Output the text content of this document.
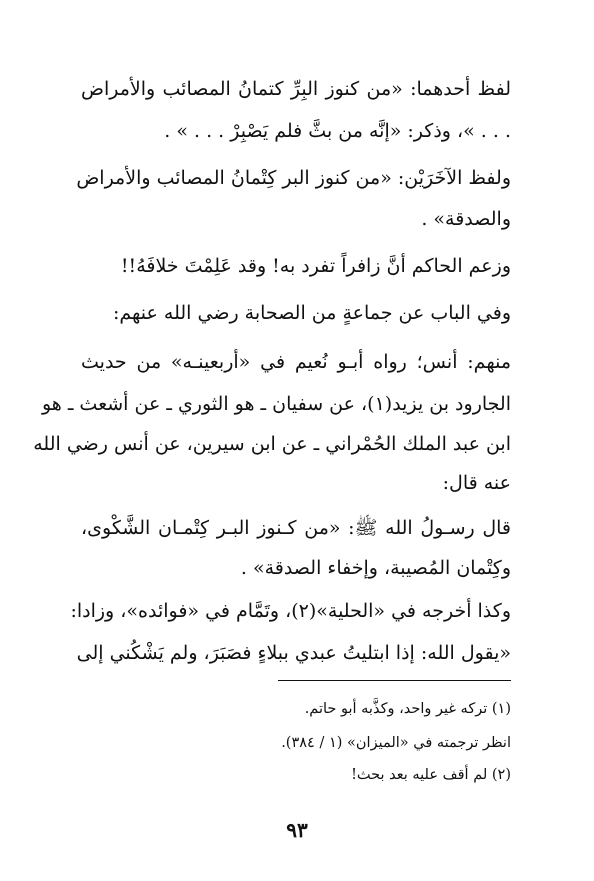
لفظ أحدهما: «من كنوز البِرِّ كتمانُ المصائب والأمراض
. . . »، وذكر: «إنَّه من بثَّ فلم يَصْبِرْ . . . » .
ولفظ الآخَرَيْن: «من كنوز البر كِتْمانُ المصائب والأمراض
والصدقة» .
وزعم الحاكم أنَّ زافراً تفرد به! وقد عَلِمْتَ خلافَهُ!!
وفي الباب عن جماعةٍ من الصحابة رضي الله عنهم:
منهم: أنس؛ رواه أبـو نُعيم في «أربعينـه» من حديث
الجارود بن يزيد(١)، عن سفيان ـ هو الثوري ـ عن أشعث ـ هو
ابن عبد الملك الحُمْراني ـ عن ابن سيرين، عن أنس رضي الله
عنه قال:
قال رسـولُ الله ﷺ: «من كـنوز البـر كِتْمـان الشَّكْوى،
وكِتْمان المُصيبة، وإخفاء الصدقة» .
وكذا أخرجه في «الحلية»(٢)، وتَمَّام في «فوائده»، وزادا:
«يقول الله: إذا ابتليتُ عبدي ببلاءٍ فصَبَرَ، ولم يَشْكُني إلى
(١) تركه غير واحد، وكذَّبه أبو حاتم.
انظر ترجمته في «الميزان» (١ / ٣٨٤).
(٢) لم أقف عليه بعد بحث!
٩٣
